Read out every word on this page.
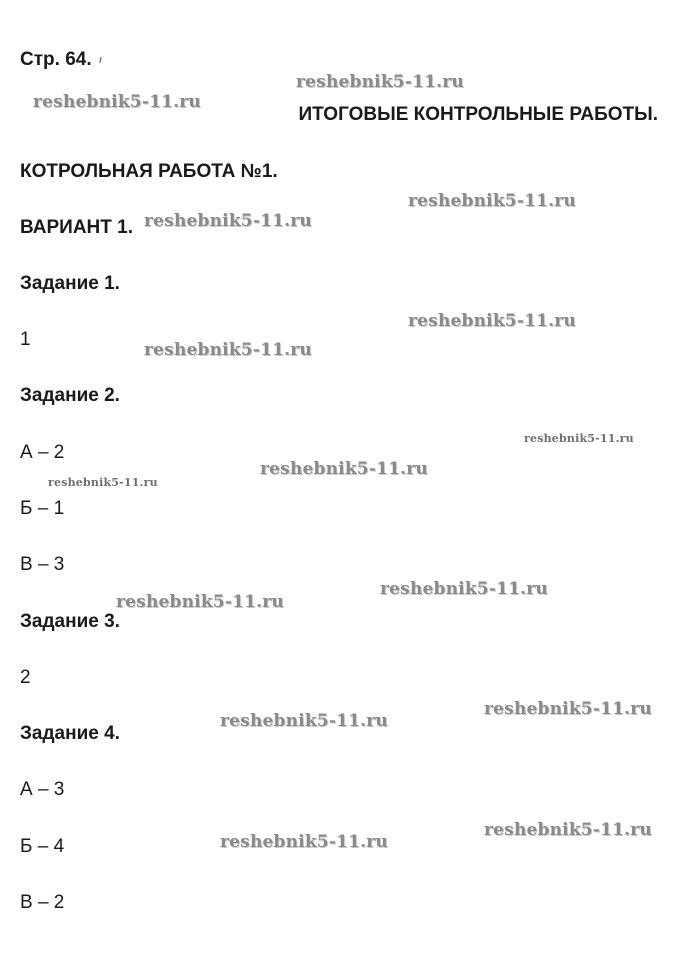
Стр. 64.
ИТОГОВЫЕ КОНТРОЛЬНЫЕ РАБОТЫ.
КОТРОЛЬНАЯ РАБОТА №1.
ВАРИАНТ 1.
Задание 1.
1
Задание 2.
А – 2
Б – 1
В – 3
Задание 3.
2
Задание 4.
А – 3
Б – 4
В – 2
reshebnik5-11.ru
reshebnik5-11.ru
reshebnik5-11.ru
reshebnik5-11.ru
reshebnik5-11.ru
reshebnik5-11.ru
reshebnik5-11.ru
reshebnik5-11.ru
reshebnik5-11.ru
reshebnik5-11.ru
reshebnik5-11.ru
reshebnik5-11.ru
reshebnik5-11.ru
reshebnik5-11.ru
reshebnik5-11.ru
